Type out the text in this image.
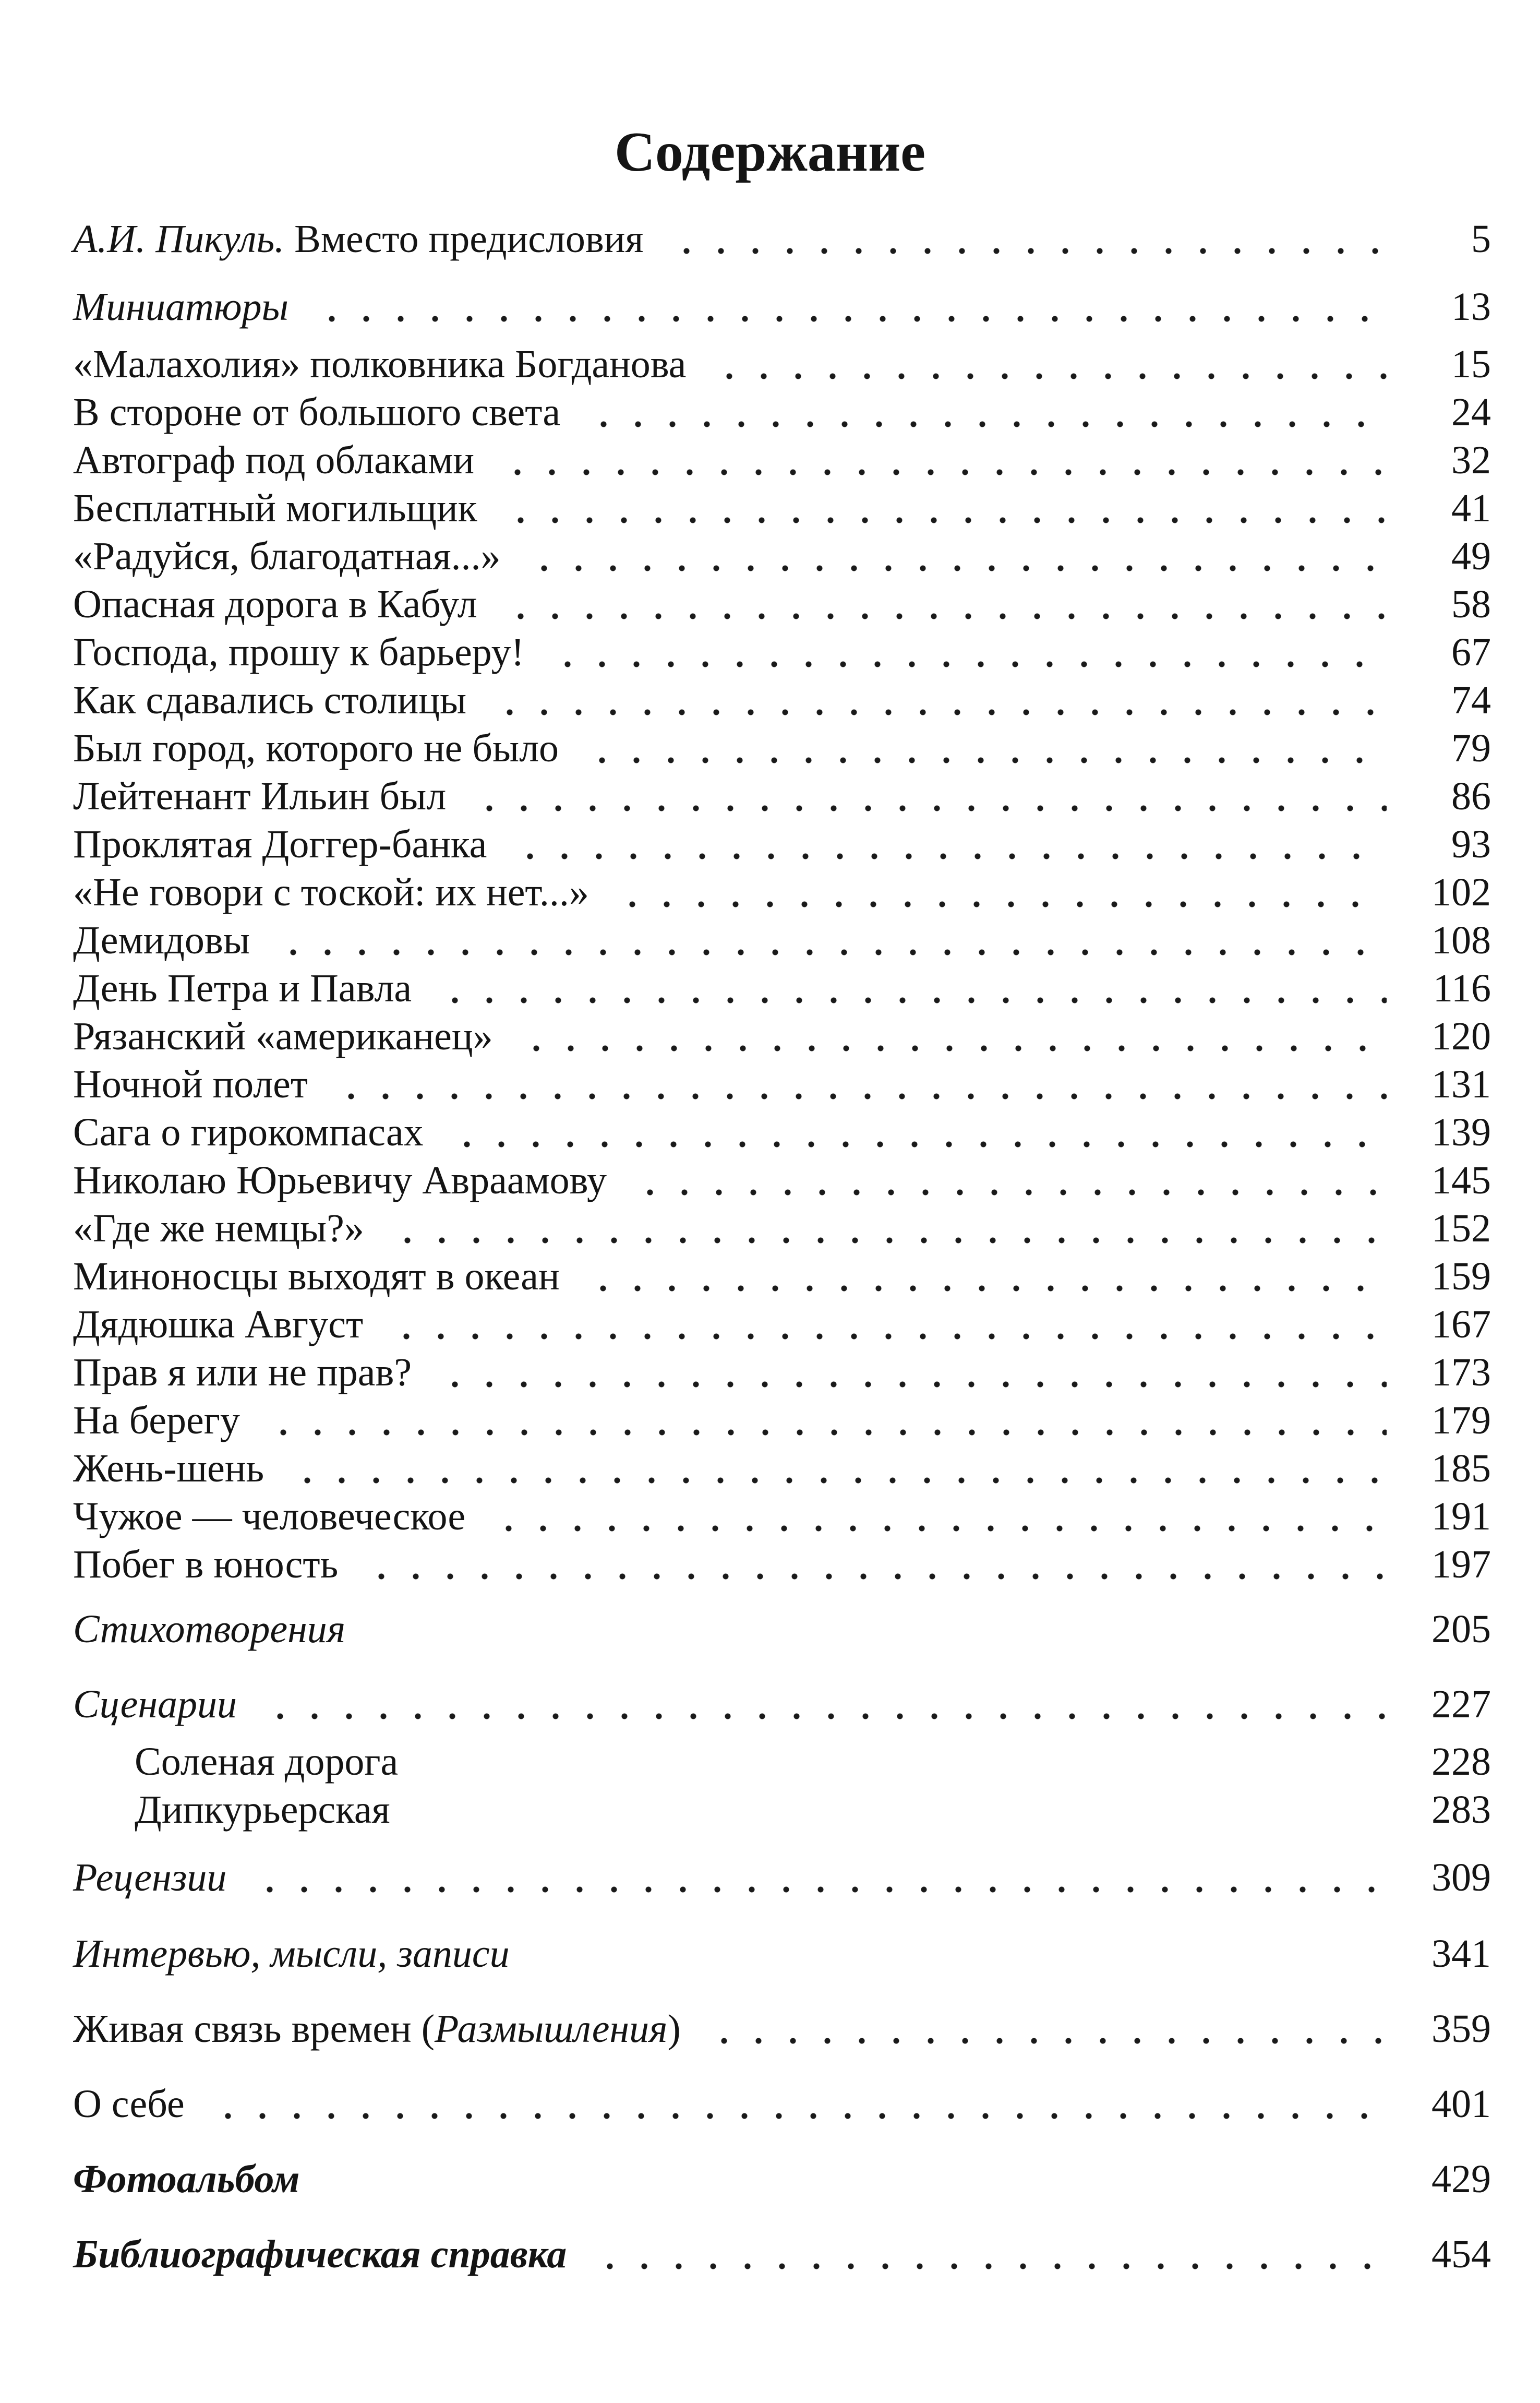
Содержание
А.И. Пикуль. Вместо предисловия	5
Миниатюры	13
«Малахолия» полковника Богданова	15
В стороне от большого света	24
Автограф под облаками	32
Бесплатный могильщик	41
«Радуйся, благодатная...»	49
Опасная дорога в Кабул	58
Господа, прошу к барьеру!	67
Как сдавались столицы	74
Был город, которого не было	79
Лейтенант Ильин был	86
Проклятая Доггер-банка	93
«Не говори с тоской: их нет...»	102
Демидовы	108
День Петра и Павла	116
Рязанский «американец»	120
Ночной полет	131
Сага о гирокомпасах	139
Николаю Юрьевичу Авраамову	145
«Где же немцы?»	152
Миноносцы выходят в океан	159
Дядюшка Август	167
Прав я или не прав?	173
На берегу	179
Жень-шень	185
Чужое — человеческое	191
Побег в юность	197
Стихотворения	205
Сценарии	227
Соленая дорога	228
Дипкурьерская	283
Рецензии	309
Интервью, мысли, записи	341
Живая связь времен (Размышления)	359
О себе	401
Фотоальбом	429
Библиографическая справка	454
